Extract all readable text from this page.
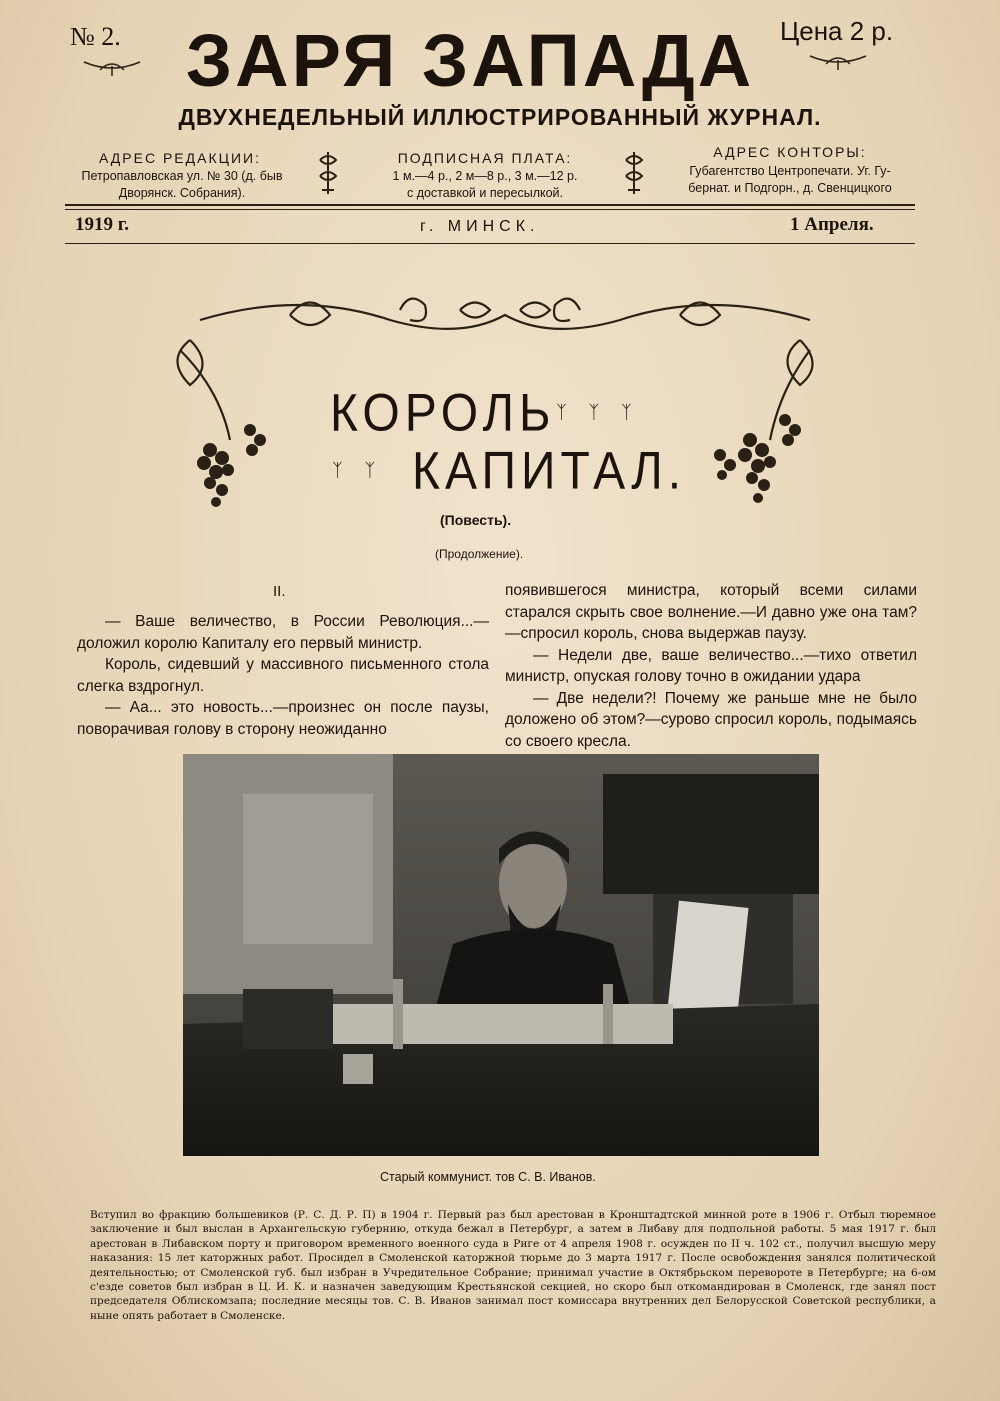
№ 2.	Цена 2 р.
ЗАРЯ ЗАПАДА
ДВУХНЕДЕЛЬНЫЙ ИЛЛЮСТРИРОВАННЫЙ ЖУРНАЛ.
АДРЕС РЕДАКЦИИ:
Петропавловская ул. № 30 (д. быв
Дворянск. Собрания).
ПОДПИСНАЯ ПЛАТА:
1 м.—4 р., 2 м—8 р., 3 м.—12 р.
с доставкой и пересылкой.
АДРЕС КОНТОРЫ:
Губагентство Центропечати. Уг. Гу-
бернат. и Подгорн., д. Свенцицкого
1919 г.	г. МИНСК.	1 Апреля.
КОРОЛЬ ᛉ ᛉ ᛉ
ᛉ ᛉ КАПИТАЛ.
(Повесть).
(Продолжение).
II.

— Ваше величество, в России Революция...— доложил королю Капиталу его первый министр.

Король, сидевший у массивного письменного стола слегка вздрогнул.

— Аа... это новость...—произнес он после паузы, поворачивая голову в сторону неожиданно

появившегося министра, который всеми силами старался скрыть свое волнение.—И давно уже она там?—спросил король, снова выдержав паузу.

— Недели две, ваше величество...—тихо ответил министр, опуская голову точно в ожидании удара

— Две недели?! Почему же раньше мне не было доложено об этом?—сурово спросил король, подымаясь со своего кресла.

Старый коммунист. тов С. В. Иванов.
Вступил во фракцию большевиков (Р. С. Д. Р. П) в 1904 г. Первый раз был арестован в Кронштадтской минной роте в 1906 г. Отбыл тюремное заключение и был выслан в Архангельскую губернию, откуда бежал в Петербург, а затем в Либаву для подпольной работы. 5 мая 1917 г. был арестован в Либавском порту и приговором временного военного суда в Риге от 4 апреля 1908 г. осужден по II ч. 102 ст., получил высшую меру наказания: 15 лет каторжных работ. Просидел в Смоленской каторжной тюрьме до 3 марта 1917 г. После освобождения занялся политической деятельностью; от Смоленской губ. был избран в Учредительное Собрание; принимал участие в Октябрьском перевороте в Петербурге; на 6-ом с'езде советов был избран в Ц. И. К. и назначен заведующим Крестьянской секцией, но скоро был откомандирован в Смоленск, где занял пост председателя Облискомзапа; последние месяцы тов. С. В. Иванов занимал пост комиссара внутренних дел Белорусской Советской республики, а ныне опять работает в Смоленске.
